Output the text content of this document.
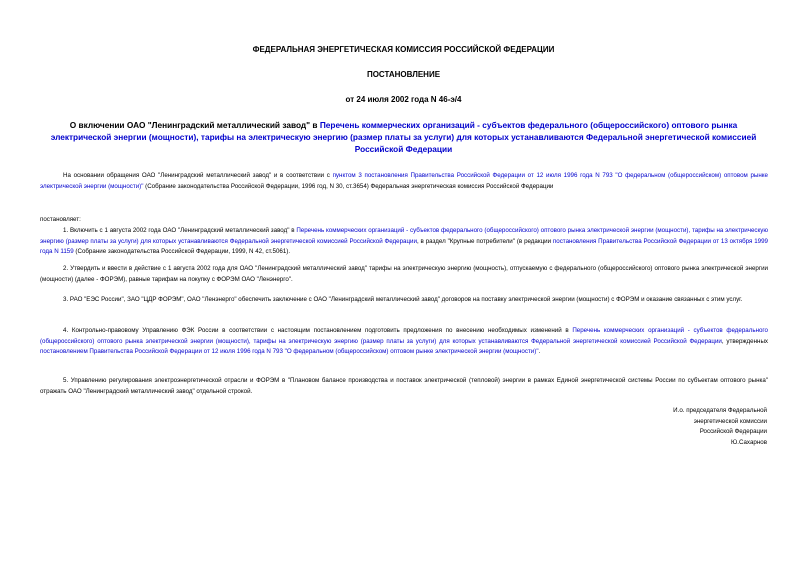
ФЕДЕРАЛЬНАЯ ЭНЕРГЕТИЧЕСКАЯ КОМИССИЯ РОССИЙСКОЙ ФЕДЕРАЦИИ
ПОСТАНОВЛЕНИЕ
от 24 июля 2002 года N 46-э/4
О включении ОАО "Ленинградский металлический завод" в Перечень коммерческих организаций - субъектов федерального (общероссийского) оптового рынка электрической энергии (мощности), тарифы на электрическую энергию (размер платы за услуги) для которых устанавливаются Федеральной энергетической комиссией Российской Федерации
На основании обращения ОАО "Ленинградский металлический завод" и в соответствии с пунктом 3 постановления Правительства Российской Федерации от 12 июля 1996 года N 793 "О федеральном (общероссийском) оптовом рынке электрической энергии (мощности)" (Собрание законодательства Российской Федерации, 1996 год, N 30, ст.3654) Федеральная энергетическая комиссия Российской Федерации
постановляет:
1. Включить с 1 августа 2002 года ОАО "Ленинградский металлический завод" в Перечень коммерческих организаций - субъектов федерального (общероссийского) оптового рынка электрической энергии (мощности), тарифы на электрическую энергию (размер платы за услуги) для которых устанавливаются Федеральной энергетической комиссией Российской Федерации, в раздел "Крупные потребители" (в редакции постановления Правительства Российской Федерации от 13 октября 1999 года N 1159 (Собрание законодательства Российской Федерации, 1999, N 42, ст.5061).
2. Утвердить и ввести в действие с 1 августа 2002 года для ОАО "Ленинградский металлический завод" тарифы на электрическую энергию (мощность), отпускаемую с федерального (общероссийского) оптового рынка электрической энергии (мощности) (далее - ФОРЭМ), равные тарифам на покупку с ФОРЭМ ОАО "Ленэнерго".
3. РАО "ЕЭС России", ЗАО "ЦДР ФОРЭМ", ОАО "Ленэнерго" обеспечить заключение с ОАО "Ленинградский металлический завод" договоров на поставку электрической энергии (мощности) с ФОРЭМ и оказание связанных с этим услуг.
4. Контрольно-правовому Управлению ФЭК России в соответствии с настоящим постановлением подготовить предложения по внесению необходимых изменений в Перечень коммерческих организаций - субъектов федерального (общероссийского) оптового рынка электрической энергии (мощности), тарифы на электрическую энергию (размер платы за услуги) для которых устанавливаются Федеральной энергетической комиссией Российской Федерации, утвержденных постановлением Правительства Российской Федерации от 12 июля 1996 года N 793 "О федеральном (общероссийском) оптовом рынке электрической энергии (мощности)".
5. Управлению регулирования электроэнергетической отрасли и ФОРЭМ в "Плановом балансе производства и поставок электрической (тепловой) энергии в рамках Единой энергетической системы России по субъектам оптового рынка" отражать ОАО "Ленинградский металлический завод" отдельной строкой.
И.о. председателя Федеральной
энергетической комиссии
Российской Федерации
Ю.Сахарнов
